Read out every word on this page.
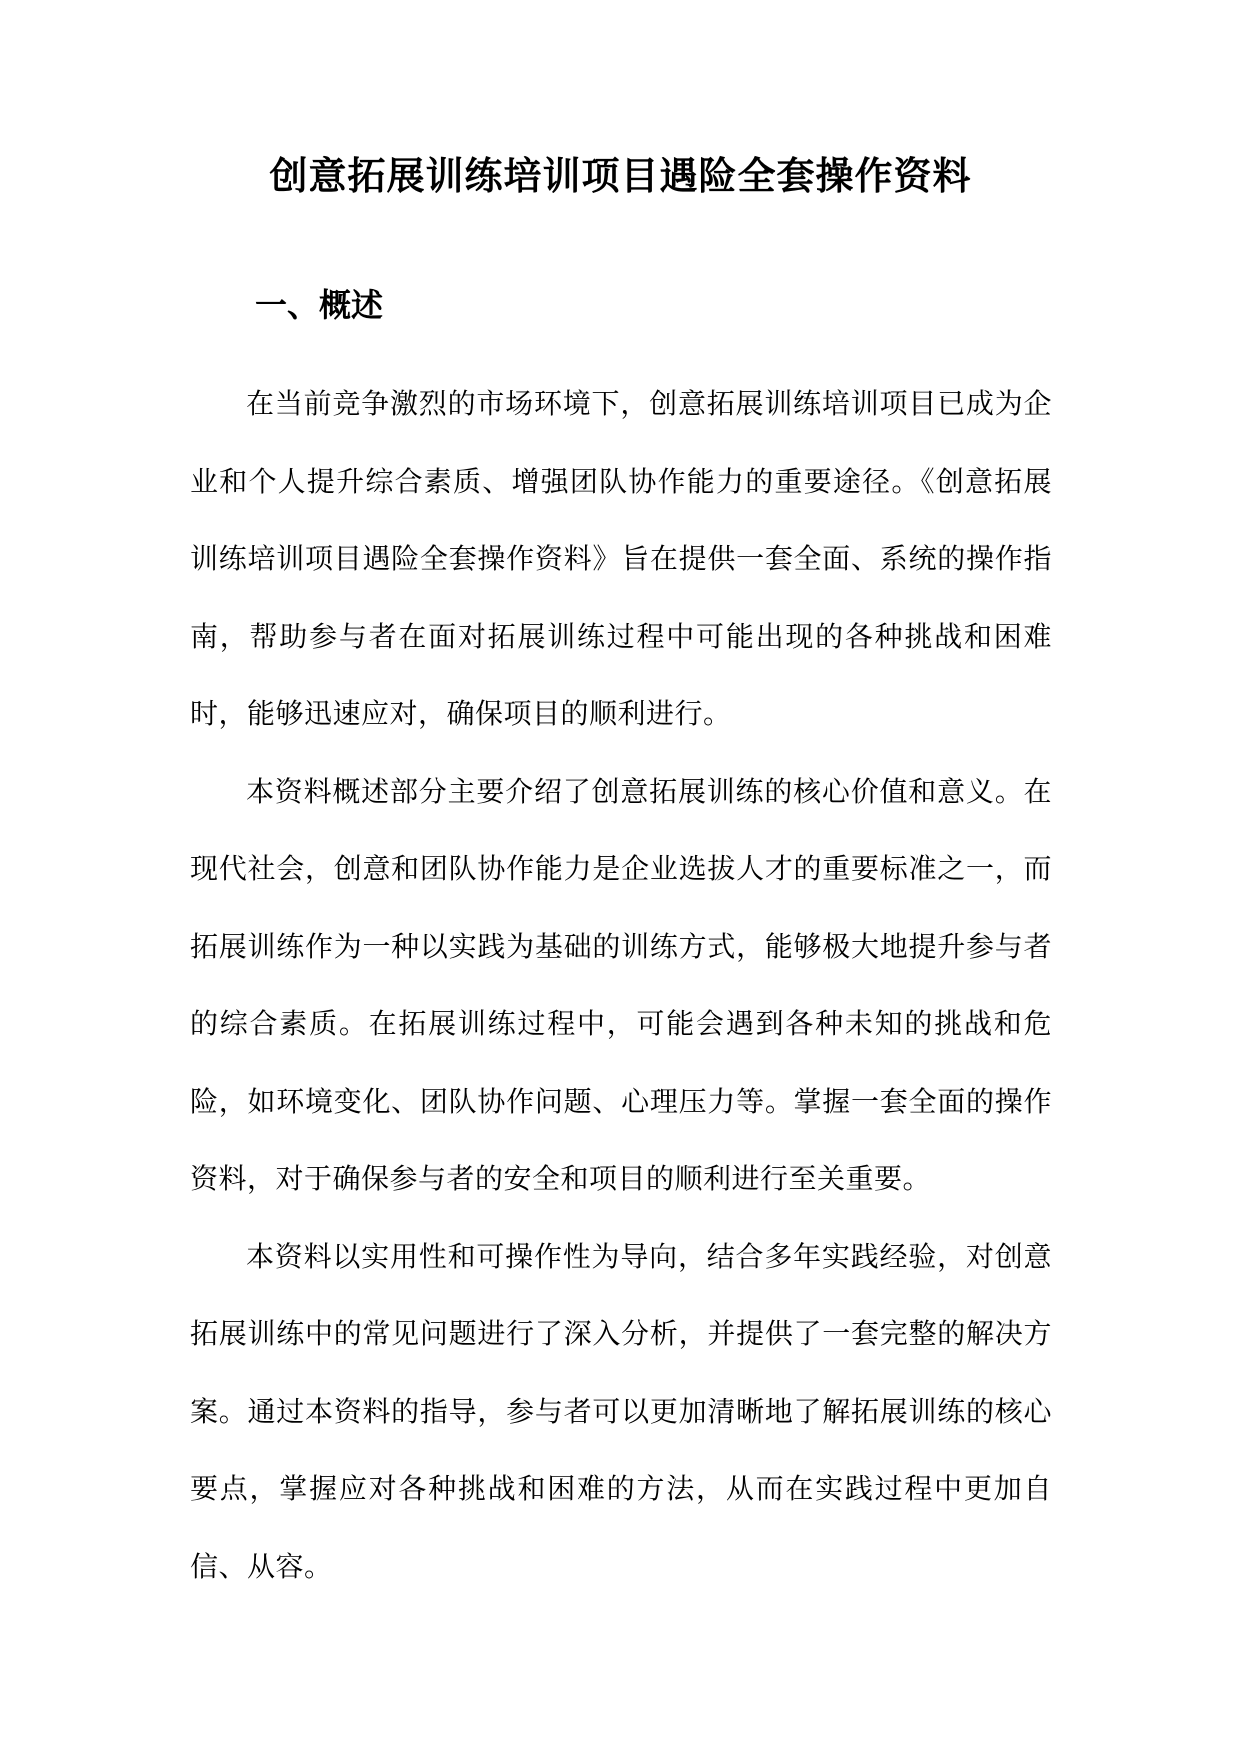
创意拓展训练培训项目遇险全套操作资料
一、概述

在当前竞争激烈的市场环境下，创意拓展训练培训项目已成为企业和个人提升综合素质、增强团队协作能力的重要途径。《创意拓展训练培训项目遇险全套操作资料》旨在提供一套全面、系统的操作指南，帮助参与者在面对拓展训练过程中可能出现的各种挑战和困难时，能够迅速应对，确保项目的顺利进行。

本资料概述部分主要介绍了创意拓展训练的核心价值和意义。在现代社会，创意和团队协作能力是企业选拔人才的重要标准之一，而拓展训练作为一种以实践为基础的训练方式，能够极大地提升参与者的综合素质。在拓展训练过程中，可能会遇到各种未知的挑战和危险，如环境变化、团队协作问题、心理压力等。掌握一套全面的操作资料，对于确保参与者的安全和项目的顺利进行至关重要。

本资料以实用性和可操作性为导向，结合多年实践经验，对创意拓展训练中的常见问题进行了深入分析，并提供了一套完整的解决方案。通过本资料的指导，参与者可以更加清晰地了解拓展训练的核心要点，掌握应对各种挑战和困难的方法，从而在实践过程中更加自信、从容。
